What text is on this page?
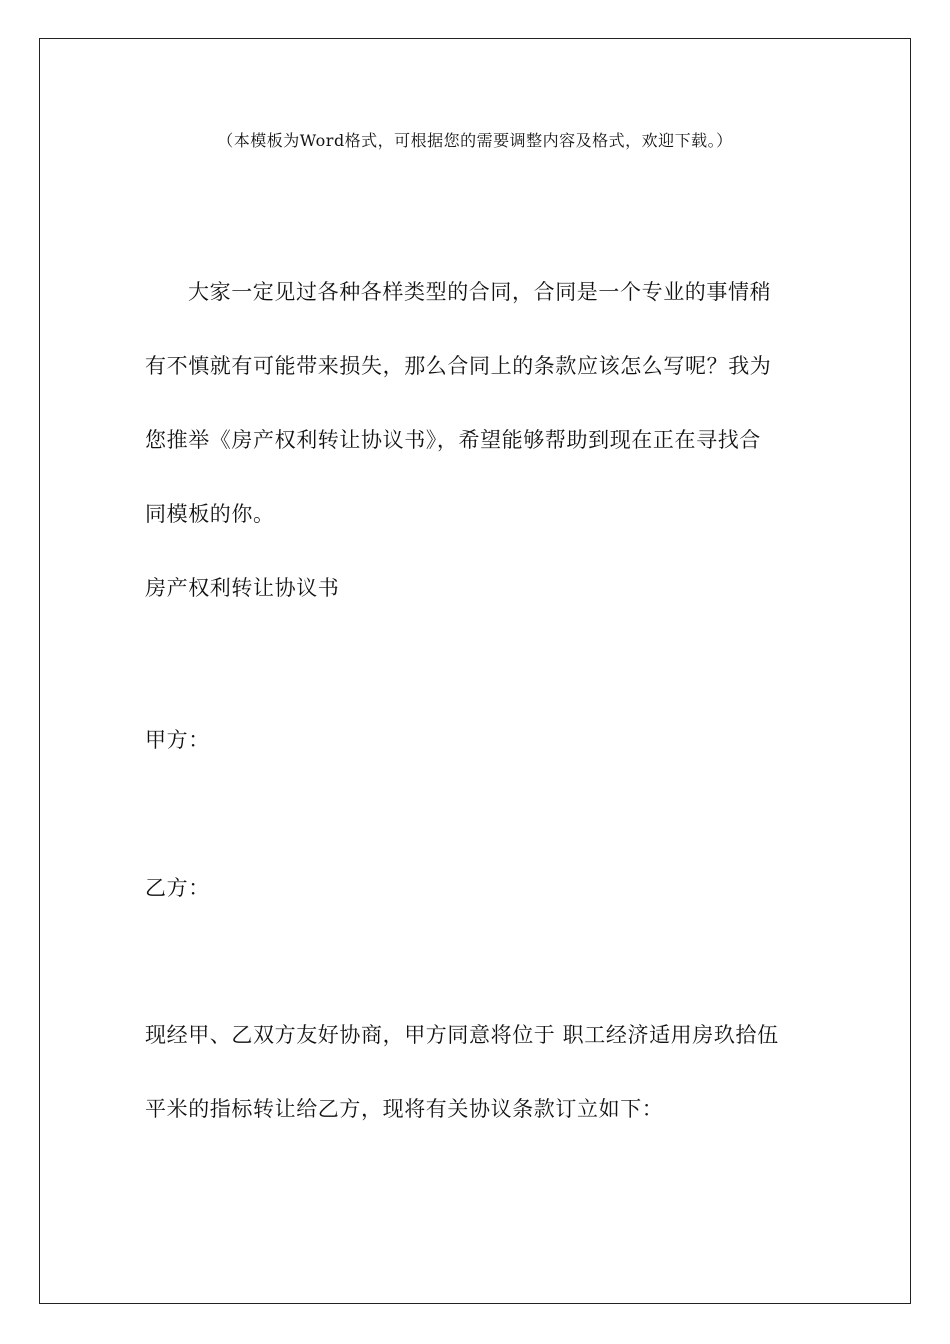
（本模板为Word格式，可根据您的需要调整内容及格式，欢迎下载。）
大家一定见过各种各样类型的合同，合同是一个专业的事情稍
有不慎就有可能带来损失，那么合同上的条款应该怎么写呢？我为
您推举《房产权利转让协议书》，希望能够帮助到现在正在寻找合
同模板的你。
房产权利转让协议书
甲方：
乙方：
现经甲、乙双方友好协商，甲方同意将位于 职工经济适用房玖拾伍
平米的指标转让给乙方，现将有关协议条款订立如下：
